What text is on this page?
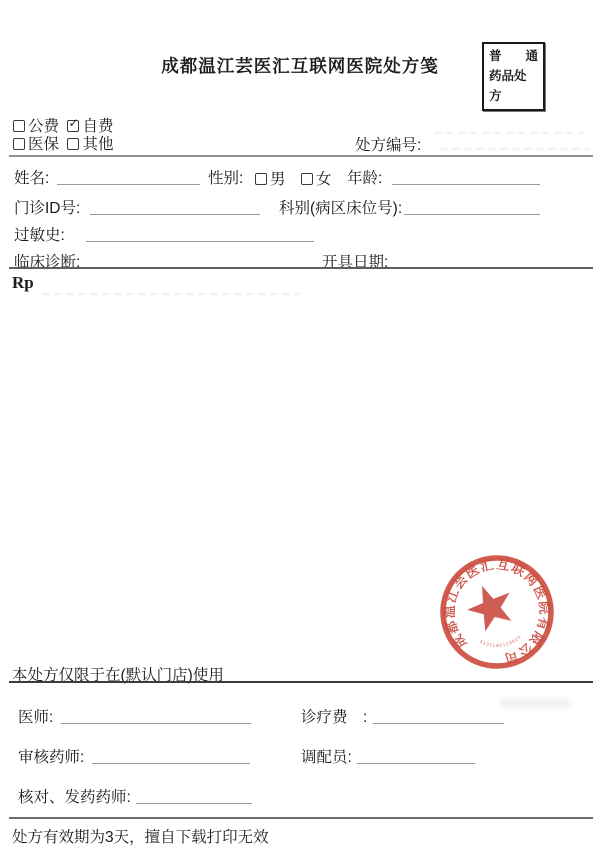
成都温江芸医汇互联网医院处方笺	普 通
药品处方
公费 ✓ 自费
医保 其他	处方编号:
姓名:	性别:	男	女 年龄:
门诊ID号:	科别(病区床位号):
过敏史:
临床诊断:	开具日期:
Rp
成都温江芸医汇互联网医院有限公司
5101180120623
本处方仅限于在(默认门店)使用
医师:	诊疗费　:
审核药师:	调配员:
核对、发药药师:
处方有效期为3天，擅自下载打印无效
